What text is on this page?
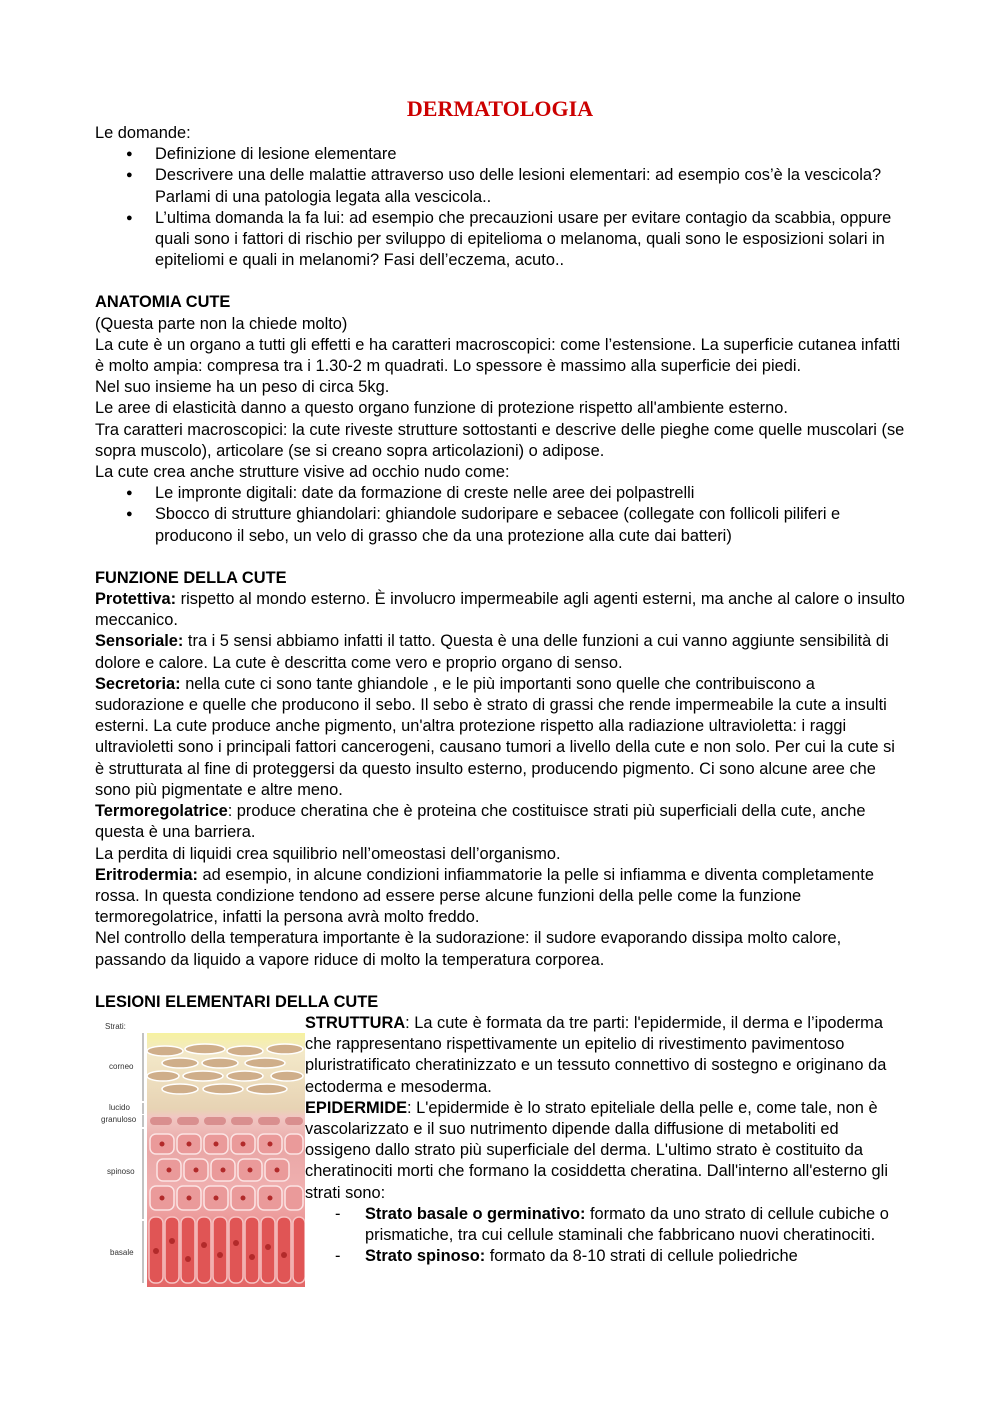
DERMATOLOGIA

Le domande:

● Definizione di lesione elementare
● Descrivere una delle malattie attraverso uso delle lesioni elementari: ad esempio cos’è la vescicola? Parlami di una patologia legata alla vescicola..
● L’ultima domanda la fa lui: ad esempio che precauzioni usare per evitare contagio da scabbia, oppure quali sono i fattori di rischio per sviluppo di epitelioma o melanoma, quali sono le esposizioni solari in epiteliomi e quali in melanomi? Fasi dell’eczema, acuto..
ANATOMIA CUTE

(Questa parte non la chiede molto)

La cute è un organo a tutti gli effetti e ha caratteri macroscopici: come l’estensione. La superficie cutanea infatti è molto ampia: compresa tra i 1.30-2 m quadrati. Lo spessore è massimo alla superficie dei piedi.

Nel suo insieme ha un peso di circa 5kg.

Le aree di elasticità danno a questo organo funzione di protezione rispetto all'ambiente esterno.

Tra caratteri macroscopici: la cute riveste strutture sottostanti e descrive delle pieghe come quelle muscolari (se sopra muscolo), articolare (se si creano sopra articolazioni) o adipose.

La cute crea anche strutture visive ad occhio nudo come:

● Le impronte digitali: date da formazione di creste nelle aree dei polpastrelli
● Sbocco di strutture ghiandolari: ghiandole sudoripare e sebacee (collegate con follicoli piliferi e producono il sebo, un velo di grasso che da una protezione alla cute dai batteri)
FUNZIONE DELLA CUTE

Protettiva: rispetto al mondo esterno. È involucro impermeabile agli agenti esterni, ma anche al calore o insulto meccanico.

Sensoriale: tra i 5 sensi abbiamo infatti il tatto. Questa è una delle funzioni a cui vanno aggiunte sensibilità di dolore e calore. La cute è descritta come vero e proprio organo di senso.

Secretoria: nella cute ci sono tante ghiandole , e le più importanti sono quelle che contribuiscono a sudorazione e quelle che producono il sebo. Il sebo è strato di grassi che rende impermeabile la cute a insulti esterni. La cute produce anche pigmento, un'altra protezione rispetto alla radiazione ultravioletta: i raggi ultravioletti sono i principali fattori cancerogeni, causano tumori a livello della cute e non solo. Per cui la cute si è strutturata al fine di proteggersi da questo insulto esterno, producendo pigmento. Ci sono alcune aree che sono più pigmentate e altre meno.

Termoregolatrice: produce cheratina che è proteina che costituisce strati più superficiali della cute, anche questa è una barriera.

La perdita di liquidi crea squilibrio nell’omeostasi dell’organismo.

Eritrodermia: ad esempio, in alcune condizioni infiammatorie la pelle si infiamma e diventa completamente rossa. In questa condizione tendono ad essere perse alcune funzioni della pelle come la funzione termoregolatrice, infatti la persona avrà molto freddo.

Nel controllo della temperatura importante è la sudorazione: il sudore evaporando dissipa molto calore, passando da liquido a vapore riduce di molto la temperatura corporea.

LESIONI ELEMENTARI DELLA CUTE
Strati:
corneo
lucido
granuloso
spinoso
basale

STRUTTURA: La cute è formata da tre parti: l'epidermide, il derma e l’ipoderma che rappresentano rispettivamente un epitelio di rivestimento pavimentoso pluristratificato cheratinizzato e un tessuto connettivo di sostegno e originano da ectoderma e mesoderma.

EPIDERMIDE: L'epidermide è lo strato epiteliale della pelle e, come tale, non è vascolarizzato e il suo nutrimento dipende dalla diffusione di metaboliti ed ossigeno dallo strato più superficiale del derma. L'ultimo strato è costituito da cheratinociti morti che formano la cosiddetta cheratina. Dall'interno all'esterno gli strati sono:

- Strato basale o germinativo: formato da uno strato di cellule cubiche o prismatiche, tra cui cellule staminali che fabbricano nuovi cheratinociti.
- Strato spinoso: formato da 8-10 strati di cellule poliedriche
